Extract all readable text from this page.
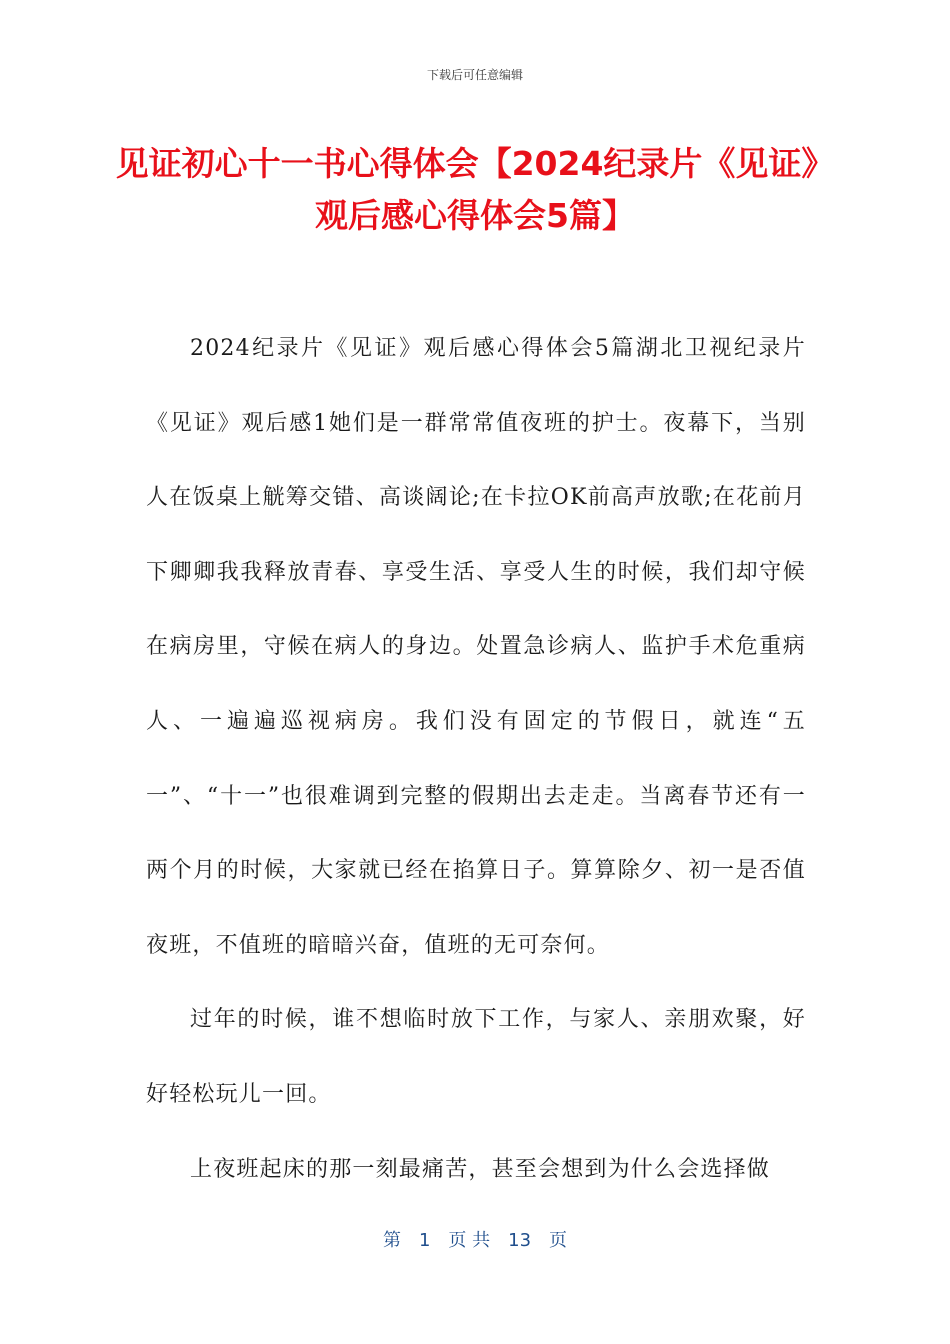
下载后可任意编辑
见证初心十一书心得体会【2024纪录片《见证》观后感心得体会5篇】

2024纪录片《见证》观后感心得体会5篇湖北卫视纪录片《见证》观后感1她们是一群常常值夜班的护士。夜幕下，当别人在饭桌上觥筹交错、高谈阔论;在卡拉OK前高声放歌;在花前月下卿卿我我释放青春、享受生活、享受人生的时候，我们却守候在病房里，守候在病人的身边。处置急诊病人、监护手术危重病人、一遍遍巡视病房。我们没有固定的节假日，就连“五一”、“十一”也很难调到完整的假期出去走走。当离春节还有一两个月的时候，大家就已经在掐算日子。算算除夕、初一是否值夜班，不值班的暗暗兴奋，值班的无可奈何。

过年的时候，谁不想临时放下工作，与家人、亲朋欢聚，好好轻松玩儿一回。

上夜班起床的那一刻最痛苦，甚至会想到为什么会选择做

第　1　页 共　13　页
